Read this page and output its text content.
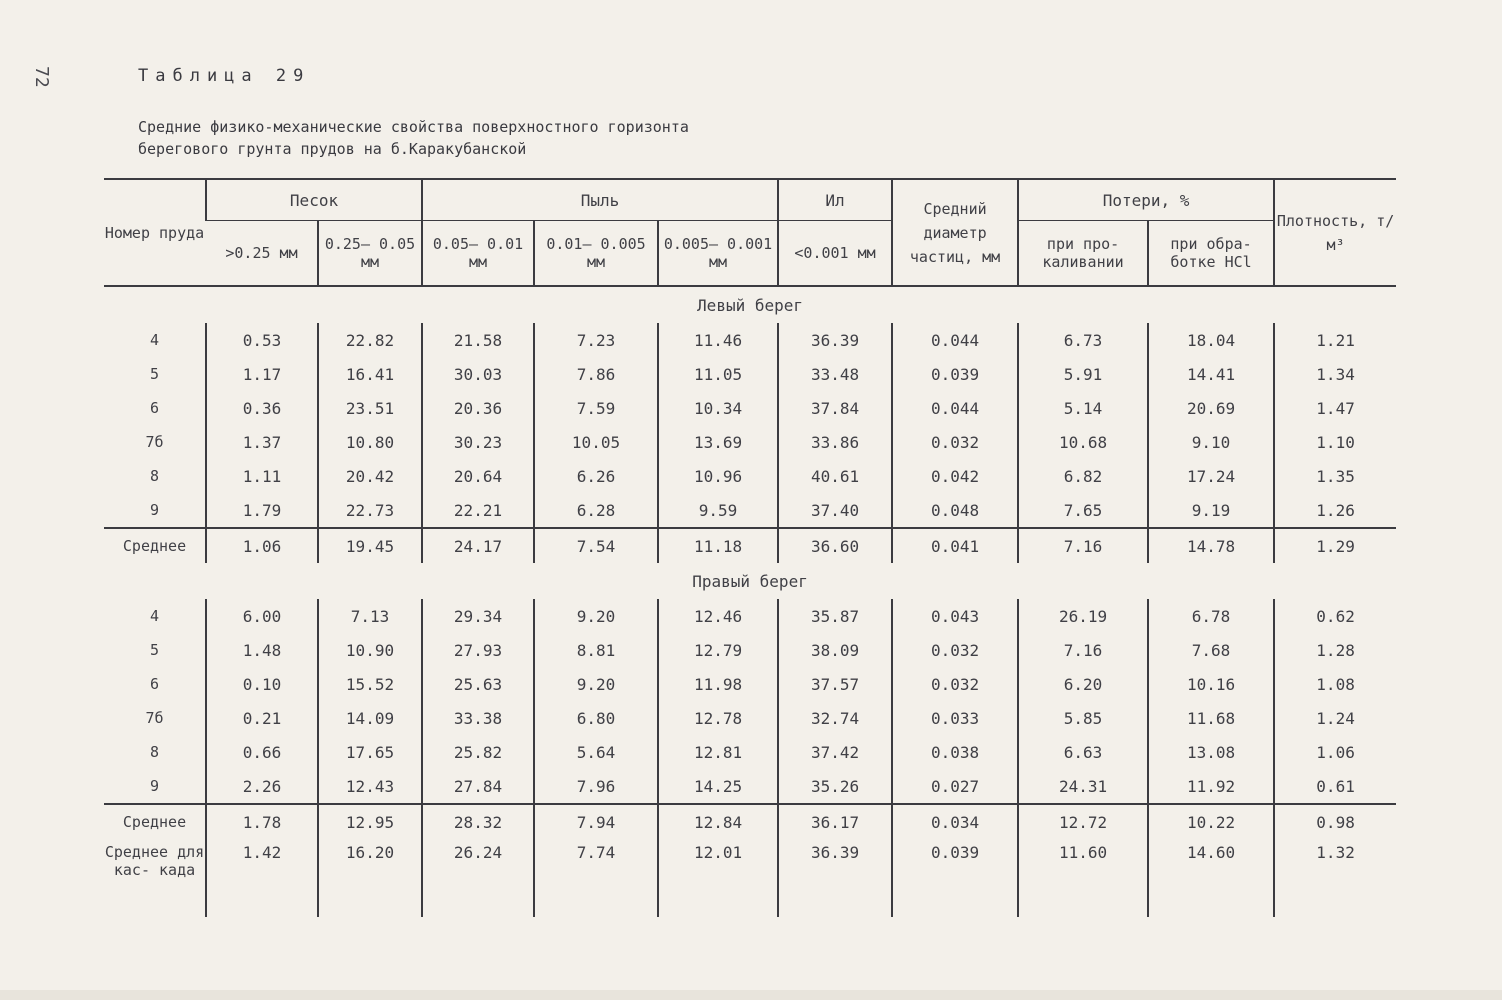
72	Таблица 29
Средние физико-механические свойства поверхностного горизонта
берегового грунта прудов на б.Каракубанской
Номер пруда	Песок		Пыль			Ил	Средний диаметр частиц, мм	Потери, %		Плотность, т/м³
	>0.25 мм	0.25– 0.05 мм	0.05– 0.01 мм	0.01– 0.005 мм	0.005– 0.001 мм	<0.001 мм		при про- каливании	при обра- ботке HCl	
Левый берег										
4	0.53	22.82	21.58	7.23	11.46	36.39	0.044	6.73	18.04	1.21
5	1.17	16.41	30.03	7.86	11.05	33.48	0.039	5.91	14.41	1.34
6	0.36	23.51	20.36	7.59	10.34	37.84	0.044	5.14	20.69	1.47
7б	1.37	10.80	30.23	10.05	13.69	33.86	0.032	10.68	9.10	1.10
8	1.11	20.42	20.64	6.26	10.96	40.61	0.042	6.82	17.24	1.35
9	1.79	22.73	22.21	6.28	9.59	37.40	0.048	7.65	9.19	1.26
Среднее	1.06	19.45	24.17	7.54	11.18	36.60	0.041	7.16	14.78	1.29
Правый берег										
4	6.00	7.13	29.34	9.20	12.46	35.87	0.043	26.19	6.78	0.62
5	1.48	10.90	27.93	8.81	12.79	38.09	0.032	7.16	7.68	1.28
6	0.10	15.52	25.63	9.20	11.98	37.57	0.032	6.20	10.16	1.08
7б	0.21	14.09	33.38	6.80	12.78	32.74	0.033	5.85	11.68	1.24
8	0.66	17.65	25.82	5.64	12.81	37.42	0.038	6.63	13.08	1.06
9	2.26	12.43	27.84	7.96	14.25	35.26	0.027	24.31	11.92	0.61
Среднее	1.78	12.95	28.32	7.94	12.84	36.17	0.034	12.72	10.22	0.98
Среднее для кас- када	1.42	16.20	26.24	7.74	12.01	36.39	0.039	11.60	14.60	1.32
